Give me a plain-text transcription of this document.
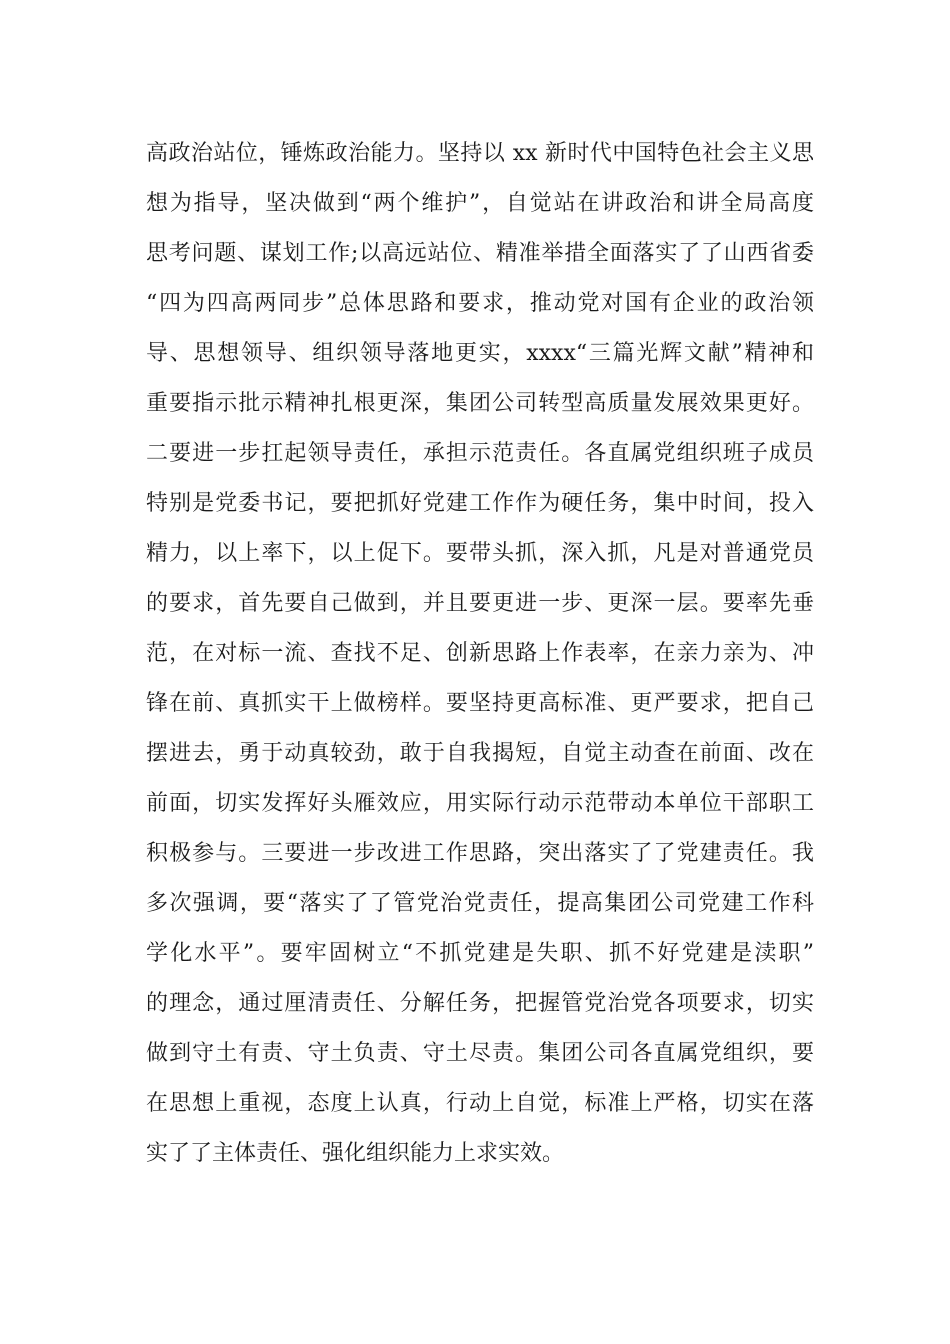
高政治站位，锤炼政治能力。坚持以 xx 新时代中国特色社会主义思
想为指导，坚决做到“两个维护”，自觉站在讲政治和讲全局高度
思考问题、谋划工作;以高远站位、精准举措全面落实了了山西省委
“四为四高两同步”总体思路和要求，推动党对国有企业的政治领
导、思想领导、组织领导落地更实，xxxx“三篇光辉文献”精神和
重要指示批示精神扎根更深，集团公司转型高质量发展效果更好。
二要进一步扛起领导责任，承担示范责任。各直属党组织班子成员
特别是党委书记，要把抓好党建工作作为硬任务，集中时间，投入
精力，以上率下，以上促下。要带头抓，深入抓，凡是对普通党员
的要求，首先要自己做到，并且要更进一步、更深一层。要率先垂
范，在对标一流、查找不足、创新思路上作表率，在亲力亲为、冲
锋在前、真抓实干上做榜样。要坚持更高标准、更严要求，把自己
摆进去，勇于动真较劲，敢于自我揭短，自觉主动查在前面、改在
前面，切实发挥好头雁效应，用实际行动示范带动本单位干部职工
积极参与。三要进一步改进工作思路，突出落实了了党建责任。我
多次强调，要“落实了了管党治党责任，提高集团公司党建工作科
学化水平”。要牢固树立“不抓党建是失职、抓不好党建是渎职”
的理念，通过厘清责任、分解任务，把握管党治党各项要求，切实
做到守土有责、守土负责、守土尽责。集团公司各直属党组织，要
在思想上重视，态度上认真，行动上自觉，标准上严格，切实在落
实了了主体责任、强化组织能力上求实效。
